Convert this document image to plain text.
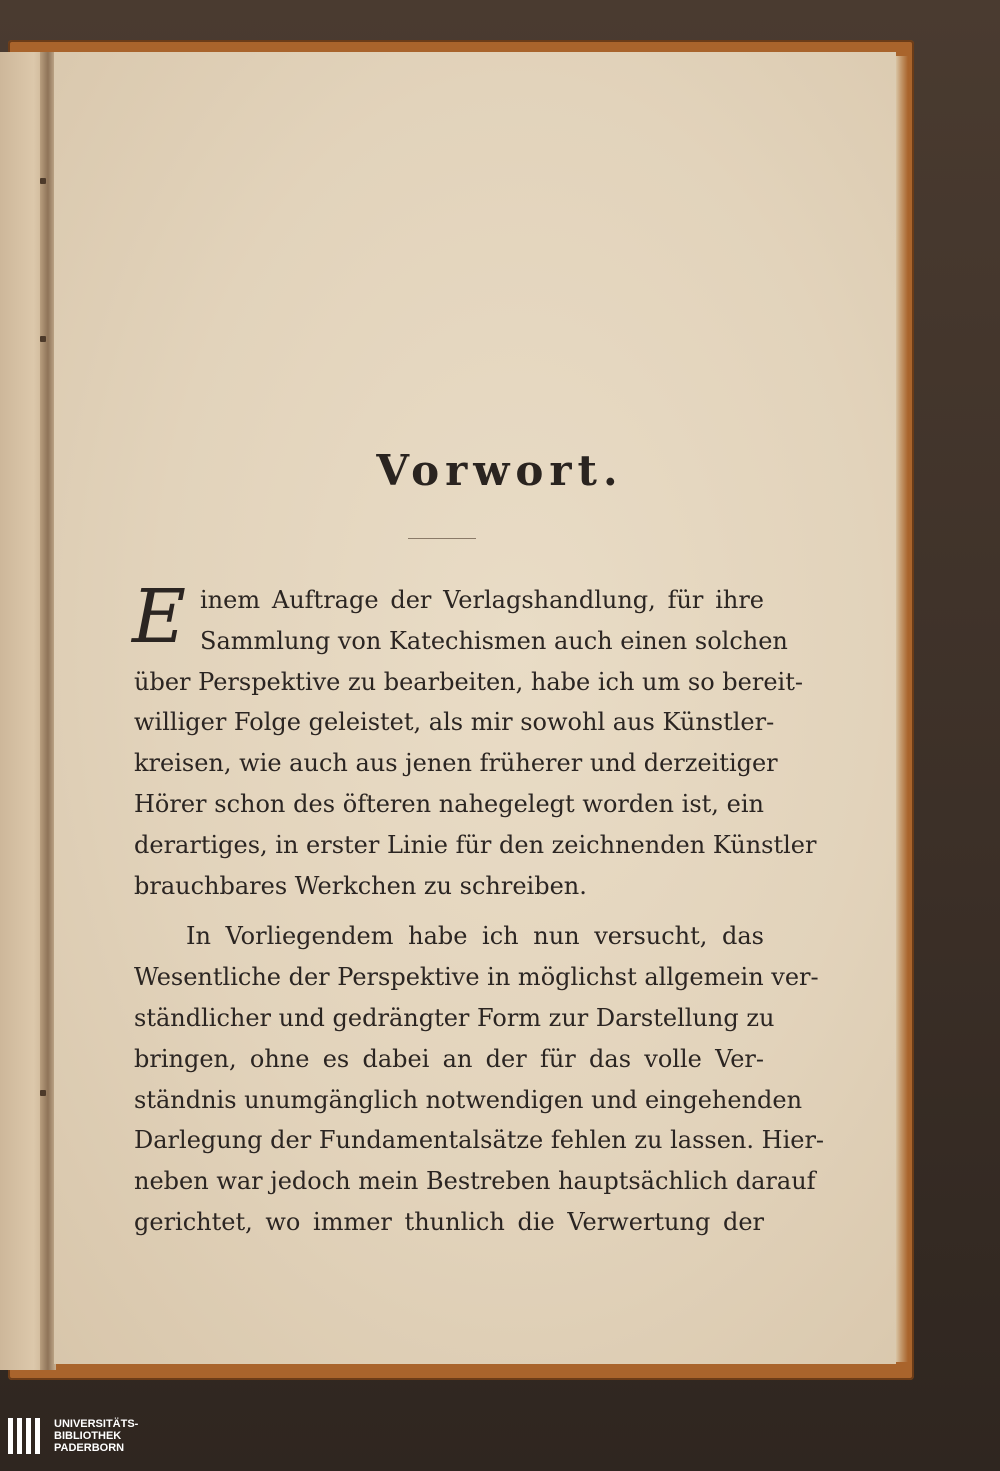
Vorwort.
E inem Auftrage der Verlagshandlung, für ihre
Sammlung von Katechismen auch einen solchen
über Perspektive zu bearbeiten, habe ich um so bereit-
williger Folge geleistet, als mir sowohl aus Künstler-
kreisen, wie auch aus jenen früherer und derzeitiger
Hörer schon des öfteren nahegelegt worden ist, ein
derartiges, in erster Linie für den zeichnenden Künstler
brauchbares Werkchen zu schreiben.
In Vorliegendem habe ich nun versucht, das
Wesentliche der Perspektive in möglichst allgemein ver-
ständlicher und gedrängter Form zur Darstellung zu
bringen, ohne es dabei an der für das volle Ver-
ständnis unumgänglich notwendigen und eingehenden
Darlegung der Fundamentalsätze fehlen zu lassen. Hier-
neben war jedoch mein Bestreben hauptsächlich darauf
gerichtet, wo immer thunlich die Verwertung der
UNIVERSITÄTS-
BIBLIOTHEK
PADERBORN
